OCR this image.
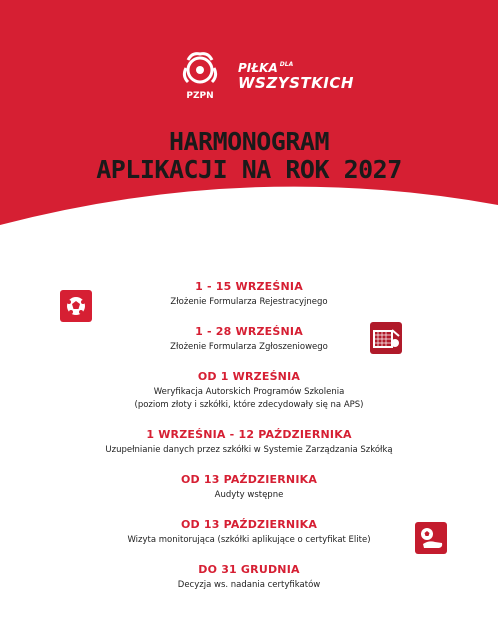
PZPN
PIŁKA $^{DLA}$
WSZYSTKICH
HARMONOGRAM
APLIKACJI NA ROK 2027
1 - 15 WRZEŚNIA
Złożenie Formularza Rejestracyjnego
1 - 28 WRZEŚNIA
Złożenie Formularza Zgłoszeniowego
OD 1 WRZEŚNIA
Weryfikacja Autorskich Programów Szkolenia
(poziom złoty i szkółki, które zdecydowały się na APS)
1 WRZEŚNIA - 12 PAŹDZIERNIKA
Uzupełnianie danych przez szkółki w Systemie Zarządzania Szkółką
OD 13 PAŹDZIERNIKA
Audyty wstępne
OD 13 PAŹDZIERNIKA
Wizyta monitorująca (szkółki aplikujące o certyfikat Elite)
DO 31 GRUDNIA
Decyzja ws. nadania certyfikatów
